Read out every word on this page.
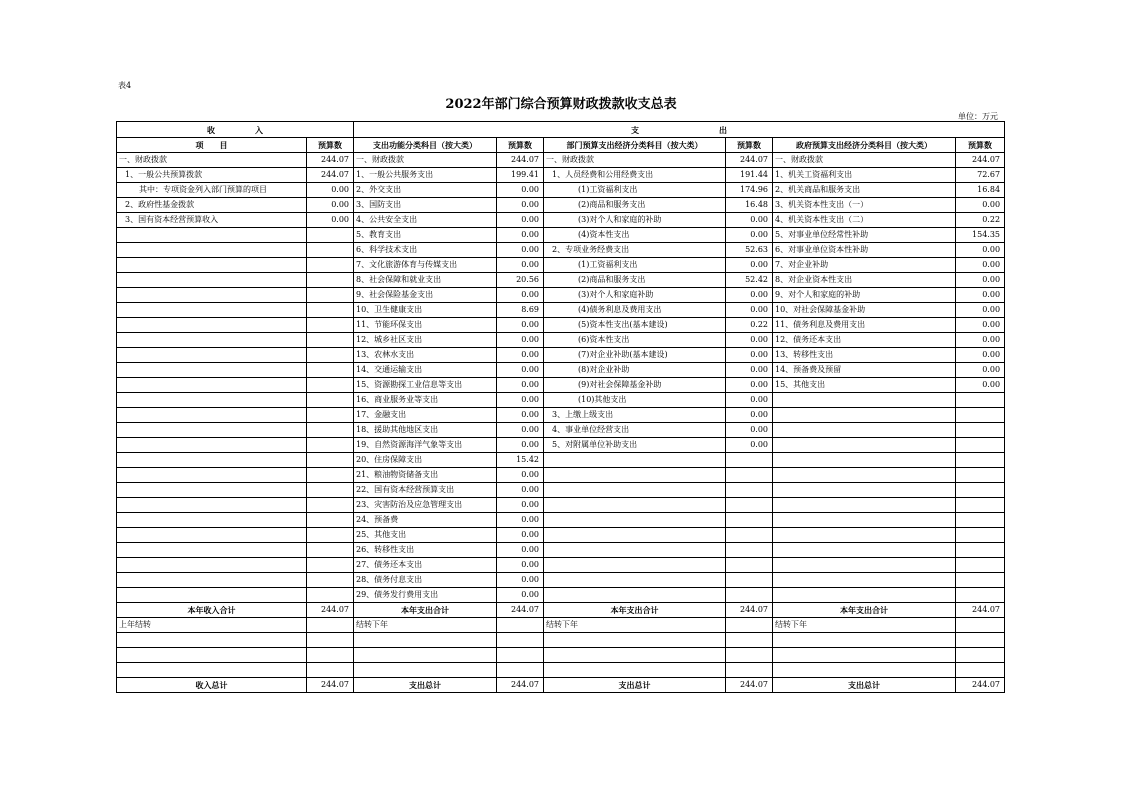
表4
2022年部门综合预算财政拨款收支总表
单位：万元
收　　　　　入		支　　　　　　　　　　出					
项　　目	预算数	支出功能分类科目（按大类）	预算数	部门预算支出经济分类科目（按大类）	预算数	政府预算支出经济分类科目（按大类）	预算数
一、财政拨款	244.07	一、财政拨款	244.07	一、财政拨款	244.07	一、财政拨款	244.07
1、一般公共预算拨款	244.07	1、一般公共服务支出	199.41	1、人员经费和公用经费支出	191.44	1、机关工资福利支出	72.67
其中：专项资金列入部门预算的项目	0.00	2、外交支出	0.00	(1)工资福利支出	174.96	2、机关商品和服务支出	16.84
2、政府性基金拨款	0.00	3、国防支出	0.00	(2)商品和服务支出	16.48	3、机关资本性支出（一）	0.00
3、国有资本经营预算收入	0.00	4、公共安全支出	0.00	(3)对个人和家庭的补助	0.00	4、机关资本性支出（二）	0.22
		5、教育支出	0.00	(4)资本性支出	0.00	5、对事业单位经常性补助	154.35
		6、科学技术支出	0.00	2、专项业务经费支出	52.63	6、对事业单位资本性补助	0.00
		7、文化旅游体育与传媒支出	0.00	(1)工资福利支出	0.00	7、对企业补助	0.00
		8、社会保障和就业支出	20.56	(2)商品和服务支出	52.42	8、对企业资本性支出	0.00
		9、社会保险基金支出	0.00	(3)对个人和家庭补助	0.00	9、对个人和家庭的补助	0.00
		10、卫生健康支出	8.69	(4)债务利息及费用支出	0.00	10、对社会保障基金补助	0.00
		11、节能环保支出	0.00	(5)资本性支出(基本建设)	0.22	11、债务利息及费用支出	0.00
		12、城乡社区支出	0.00	(6)资本性支出	0.00	12、债务还本支出	0.00
		13、农林水支出	0.00	(7)对企业补助(基本建设)	0.00	13、转移性支出	0.00
		14、交通运输支出	0.00	(8)对企业补助	0.00	14、预备费及预留	0.00
		15、资源勘探工业信息等支出	0.00	(9)对社会保障基金补助	0.00	15、其他支出	0.00
		16、商业服务业等支出	0.00	(10)其他支出	0.00		
		17、金融支出	0.00	3、上缴上级支出	0.00		
		18、援助其他地区支出	0.00	4、事业单位经营支出	0.00		
		19、自然资源海洋气象等支出	0.00	5、对附属单位补助支出	0.00		
		20、住房保障支出	15.42				
		21、粮油物资储备支出	0.00				
		22、国有资本经营预算支出	0.00				
		23、灾害防治及应急管理支出	0.00				
		24、预备费	0.00				
		25、其他支出	0.00				
		26、转移性支出	0.00				
		27、债务还本支出	0.00				
		28、债务付息支出	0.00				
		29、债务发行费用支出	0.00				
本年收入合计	244.07	本年支出合计	244.07	本年支出合计	244.07	本年支出合计	244.07
上年结转		结转下年		结转下年		结转下年	

收入总计	244.07	支出总计	244.07	支出总计	244.07	支出总计	244.07
